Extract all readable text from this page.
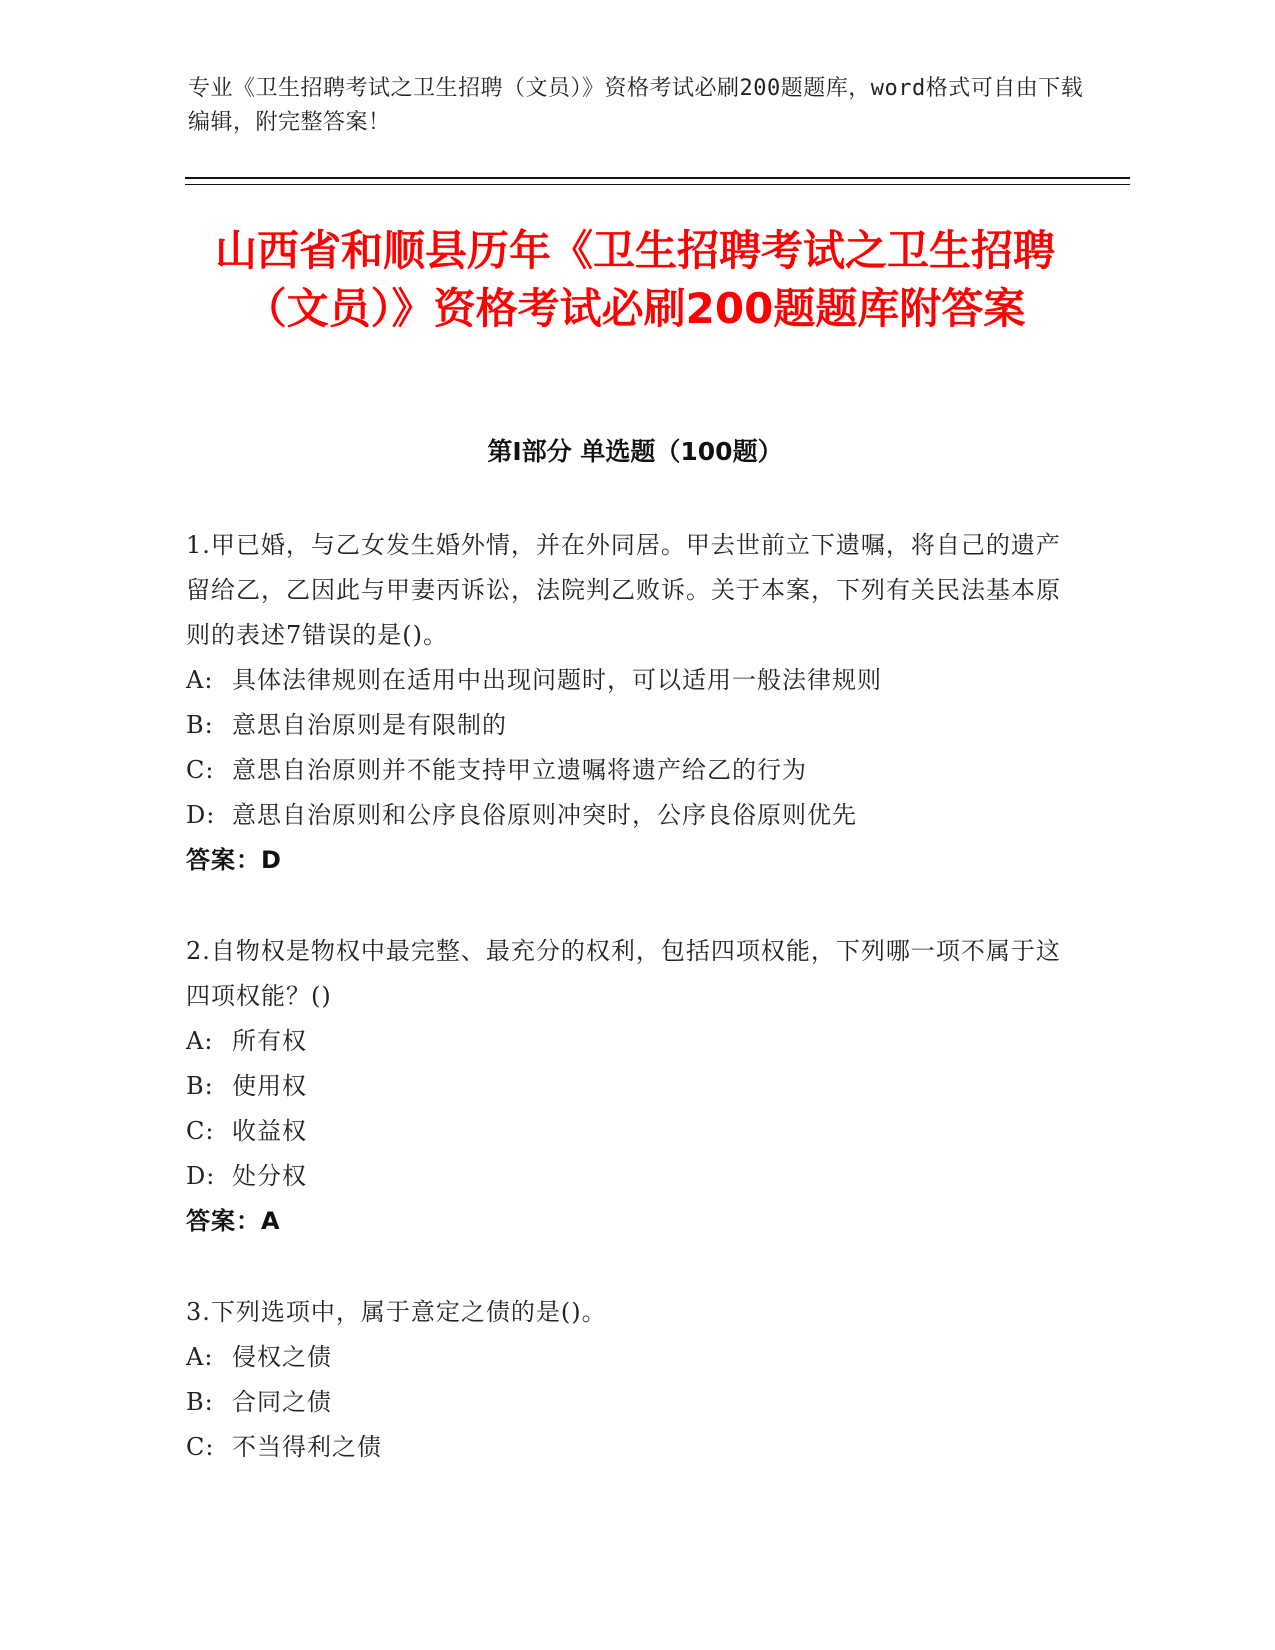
专业《卫生招聘考试之卫生招聘（文员）》资格考试必刷200题题库，word格式可自由下载编辑，附完整答案！
山西省和顺县历年《卫生招聘考试之卫生招聘（文员）》资格考试必刷200题题库附答案
第Ⅰ部分 单选题（100题）

1.甲已婚，与乙女发生婚外情，并在外同居。甲去世前立下遗嘱，将自己的遗产留给乙，乙因此与甲妻丙诉讼，法院判乙败诉。关于本案，下列有关民法基本原则的表述7错误的是()。

A: 具体法律规则在适用中出现问题时，可以适用一般法律规则

B: 意思自治原则是有限制的

C: 意思自治原则并不能支持甲立遗嘱将遗产给乙的行为

D: 意思自治原则和公序良俗原则冲突时，公序良俗原则优先

答案：D

2.自物权是物权中最完整、最充分的权利，包括四项权能，下列哪一项不属于这四项权能？()

A: 所有权

B: 使用权

C: 收益权

D: 处分权

答案：A

3.下列选项中，属于意定之债的是()。

A: 侵权之债

B: 合同之债

C: 不当得利之债
